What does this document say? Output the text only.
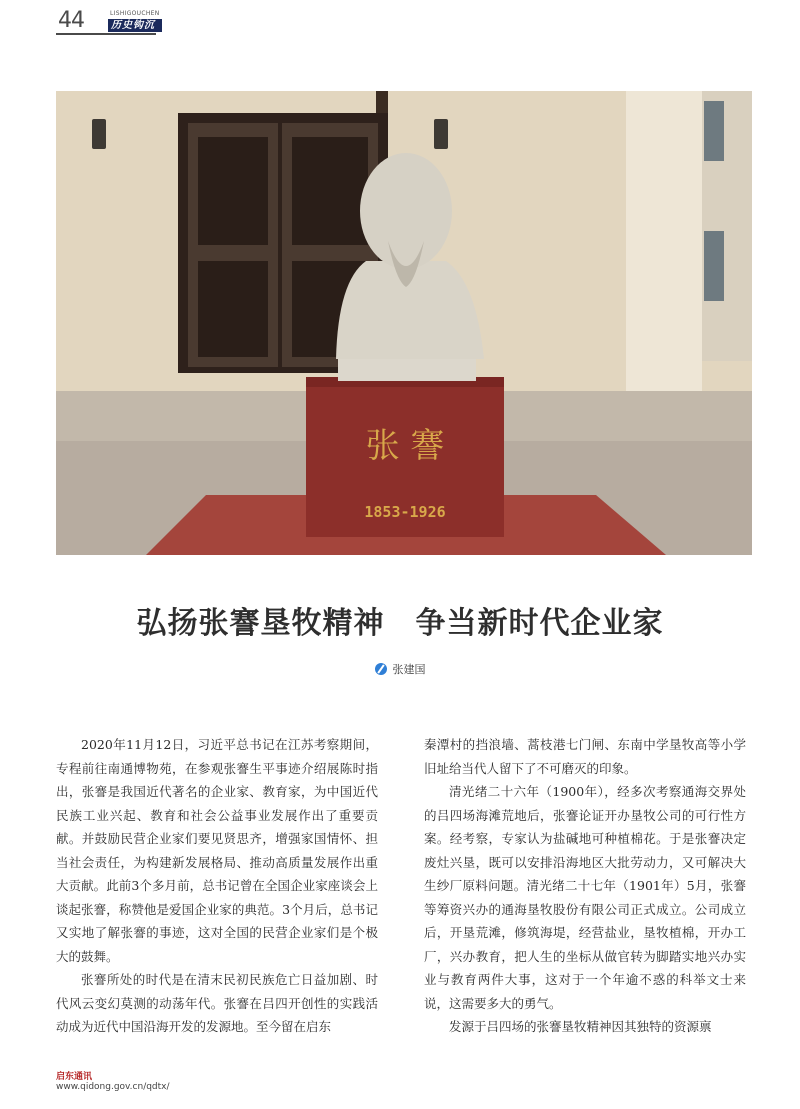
44	LISHIGOUCHEN
历史钩沉
张 謇
1853-1926
弘扬张謇垦牧精神　争当新时代企业家
张建国

2020年11月12日，习近平总书记在江苏考察期间，专程前往南通博物苑，在参观张謇生平事迹介绍展陈时指出，张謇是我国近代著名的企业家、教育家，为中国近代民族工业兴起、教育和社会公益事业发展作出了重要贡献。并鼓励民营企业家们要见贤思齐，增强家国情怀、担当社会责任，为构建新发展格局、推动高质量发展作出重大贡献。此前3个多月前，总书记曾在全国企业家座谈会上谈起张謇，称赞他是爱国企业家的典范。3个月后，总书记又实地了解张謇的事迹，这对全国的民营企业家们是个极大的鼓舞。

张謇所处的时代是在清末民初民族危亡日益加剧、时代风云变幻莫测的动荡年代。张謇在吕四开创性的实践活动成为近代中国沿海开发的发源地。至今留在启东

秦潭村的挡浪墙、蒿枝港七门闸、东南中学垦牧高等小学旧址给当代人留下了不可磨灭的印象。

清光绪二十六年（1900年），经多次考察通海交界处的吕四场海滩荒地后，张謇论证开办垦牧公司的可行性方案。经考察，专家认为盐碱地可种植棉花。于是张謇决定废灶兴垦，既可以安排沿海地区大批劳动力，又可解决大生纱厂原料问题。清光绪二十七年（1901年）5月，张謇等筹资兴办的通海垦牧股份有限公司正式成立。公司成立后，开垦荒滩，修筑海堤，经营盐业，垦牧植棉，开办工厂，兴办教育，把人生的坐标从做官转为脚踏实地兴办实业与教育两件大事，这对于一个年逾不惑的科举文士来说，这需要多大的勇气。

发源于吕四场的张謇垦牧精神因其独特的资源禀

启东通讯
www.qidong.gov.cn/qdtx/
